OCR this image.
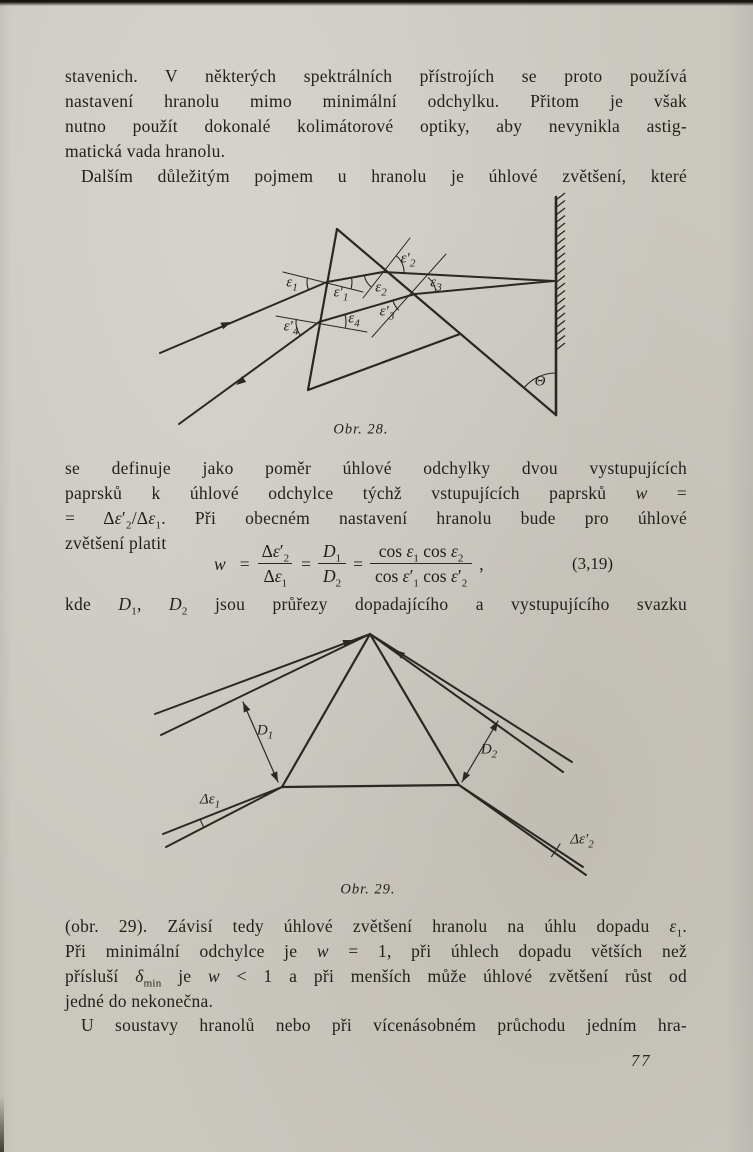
stavenich. V některých spektrálních přístrojích se proto používá
nastavení hranolu mimo minimální odchylku. Přitom je však
nutno použít dokonalé kolimátorové optiky, aby nevynikla astig-
matická vada hranolu.
Dalším důležitým pojmem u hranolu je úhlové zvětšení, které
se definuje jako poměr úhlové odchylky dvou vystupujících
paprsků k úhlové odchylce týchž vstupujících paprsků w =
= $\Delta\varepsilon'_2/\Delta\varepsilon_1$. Při obecném nastavení hranolu bude pro úhlové
zvětšení platit
kde $D_1$, $D_2$ jsou průřezy dopadajícího a vystupujícího svazku
(obr. 29). Závisí tedy úhlové zvětšení hranolu na úhlu dopadu $\varepsilon_1$.
Při minimální odchylce je w = 1, při úhlech dopadu větších než
přísluší $\delta_{min}$ je w < 1 a při menších může úhlové zvětšení růst od
jedné do nekonečna.
U soustavy hranolů nebo při vícenásobném průchodu jedním hra-
$w = \frac{\Delta\varepsilon'_2}{\Delta\varepsilon_1} = \frac{D_1}{D_2} = \frac{\cos \varepsilon_1 \cos \varepsilon_2}{\cos \varepsilon'_1 \cos \varepsilon'_2}$ ,	(3,19)
77
$\varepsilon_1$ $\varepsilon'_1$
$\varepsilon_2$
$\varepsilon'_2$
$\varepsilon_3$
$\varepsilon'_3$
$\varepsilon_4$
$\varepsilon'_4$
Θ
Obr. 28.
$D_1$
$D_2$
$\Delta\varepsilon_1$
$\Delta\varepsilon'_2$
Obr. 29.
